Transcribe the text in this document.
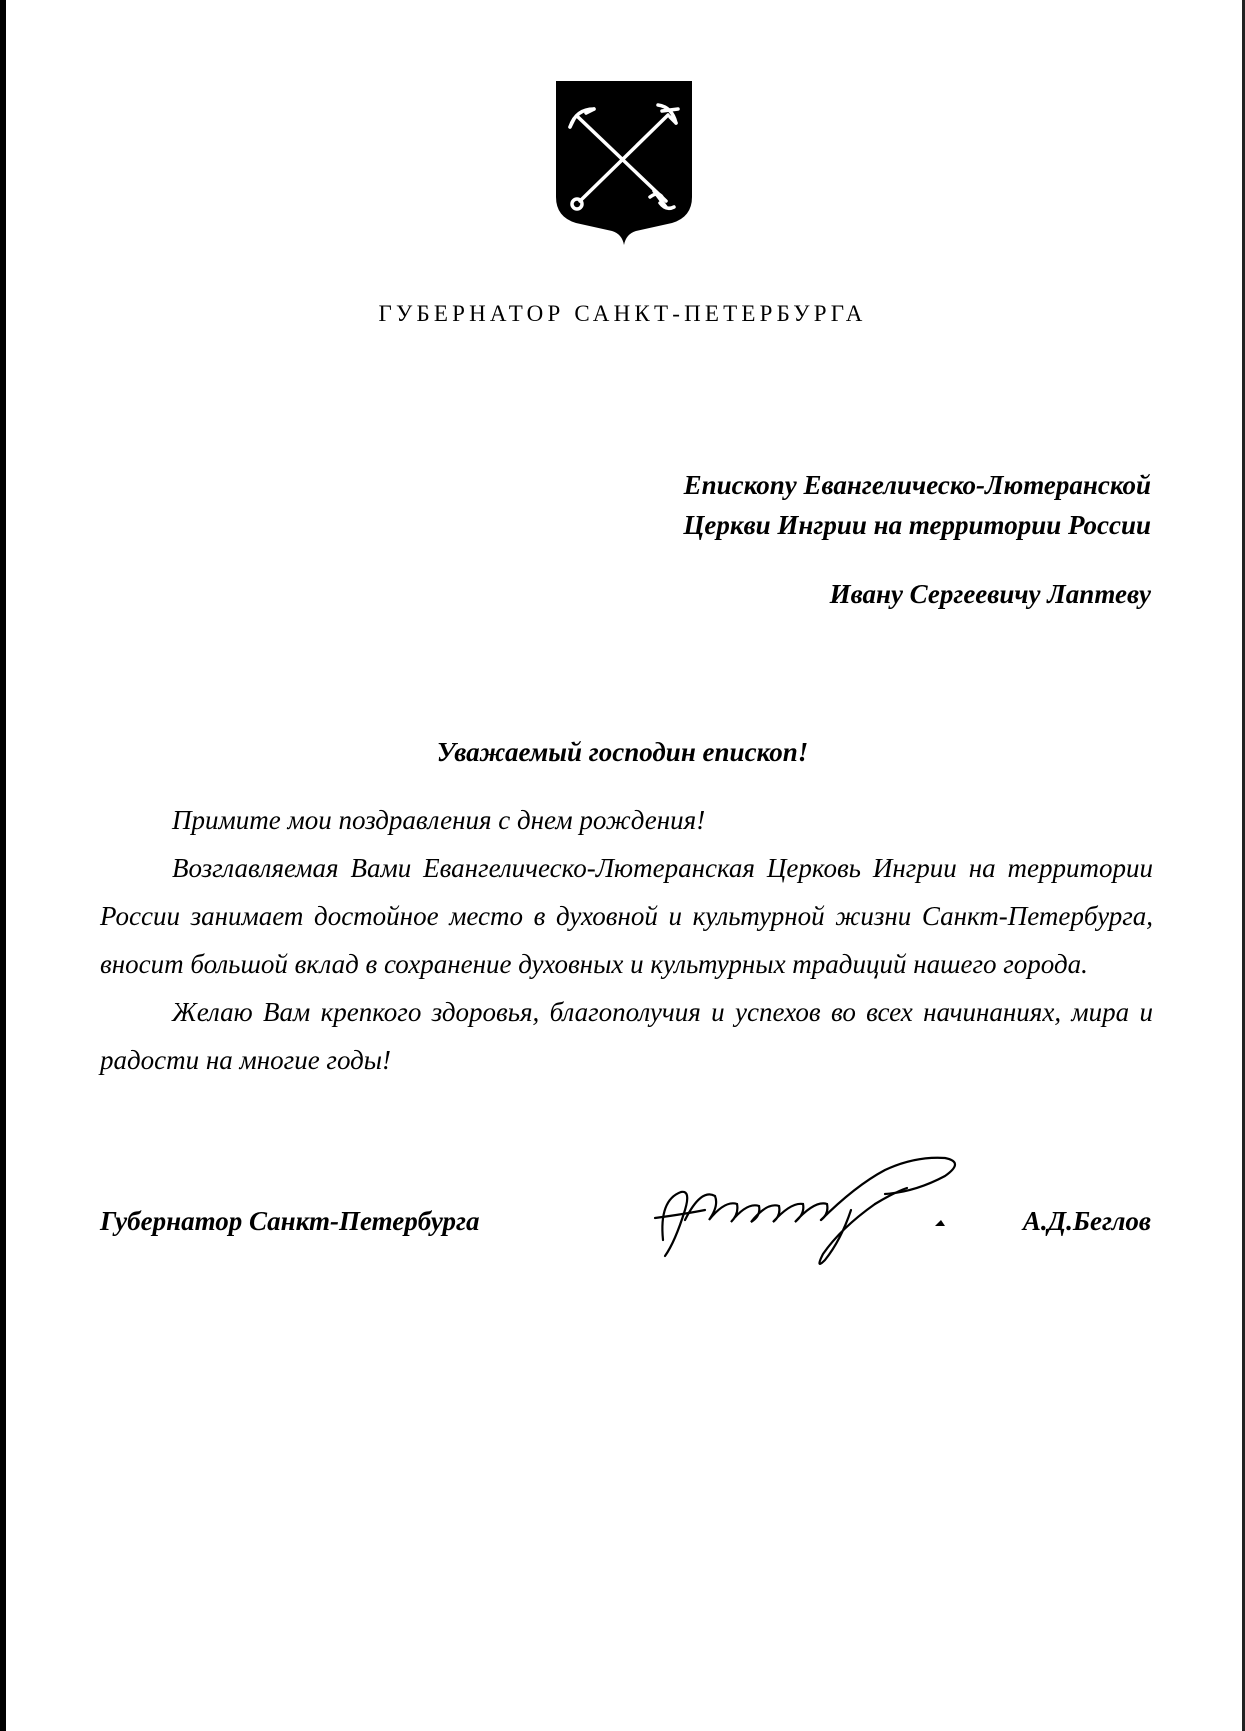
ГУБЕРНАТОР САНКТ-ПЕТЕРБУРГА
Епископу Евангелическо-Лютеранской
Церкви Ингрии на территории России
Ивану Сергеевичу Лаптеву
Уважаемый господин епископ!

Примите мои поздравления с днем рождения!

Возглавляемая Вами Евангелическо-Лютеранская Церковь Ингрии на территории России занимает достойное место в духовной и культурной жизни Санкт-Петербурга, вносит большой вклад в сохранение духовных и культурных традиций нашего города.

Желаю Вам крепкого здоровья, благополучия и успехов во всех начинаниях, мира и радости на многие годы!

Губернатор Санкт-Петербурга	А.Д.Беглов
